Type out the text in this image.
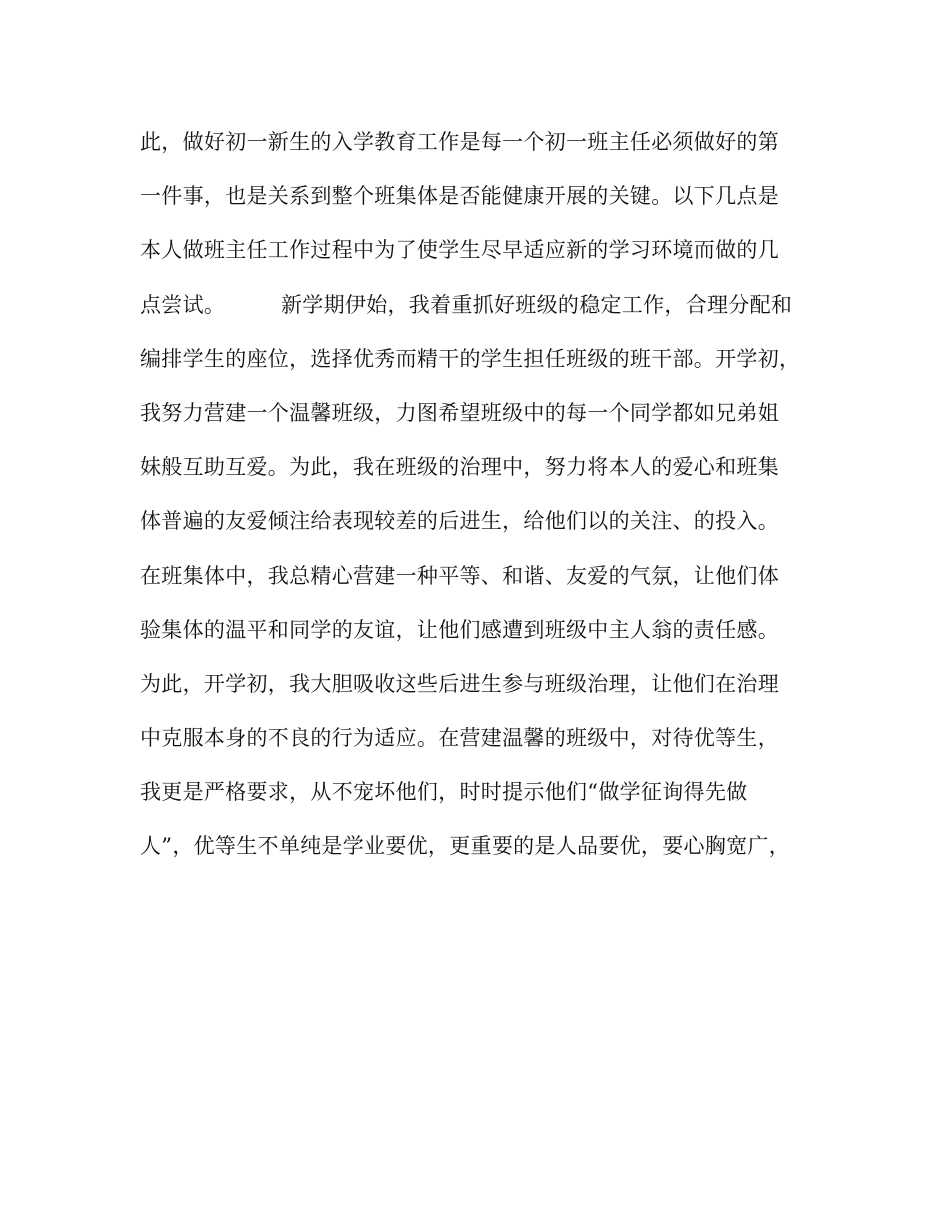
此，做好初一新生的入学教育工作是每一个初一班主任必须做好的第
一件事，也是关系到整个班集体是否能健康开展的关键。以下几点是
本人做班主任工作过程中为了使学生尽早适应新的学习环境而做的几
点尝试。        新学期伊始，我着重抓好班级的稳定工作，合理分配和
编排学生的座位，选择优秀而精干的学生担任班级的班干部。开学初，
我努力营建一个温馨班级，力图希望班级中的每一个同学都如兄弟姐
妹般互助互爱。为此，我在班级的治理中，努力将本人的爱心和班集
体普遍的友爱倾注给表现较差的后进生，给他们以的关注、的投入。
在班集体中，我总精心营建一种平等、和谐、友爱的气氛，让他们体
验集体的温平和同学的友谊，让他们感遭到班级中主人翁的责任感。
为此，开学初，我大胆吸收这些后进生参与班级治理，让他们在治理
中克服本身的不良的行为适应。在营建温馨的班级中，对待优等生，
我更是严格要求，从不宠坏他们，时时提示他们“做学征询得先做
人”，优等生不单纯是学业要优，更重要的是人品要优，要心胸宽广，
